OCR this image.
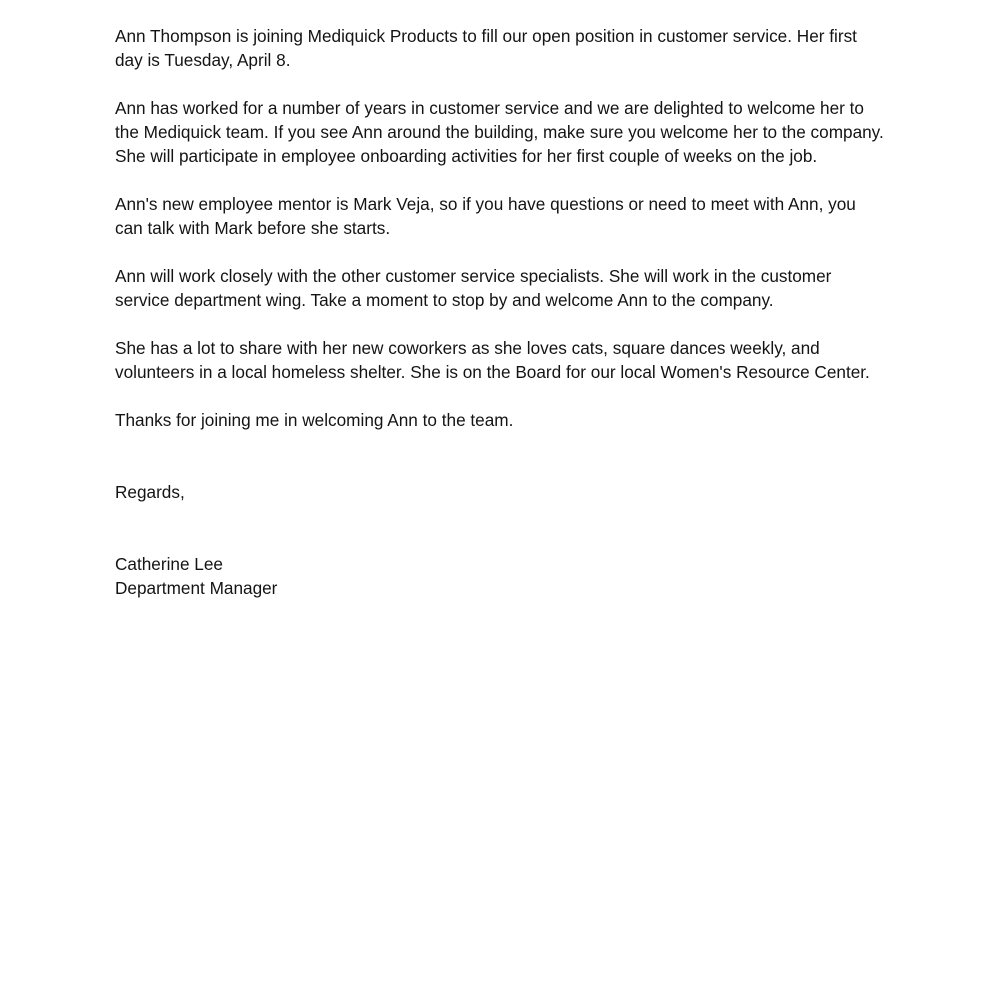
Ann Thompson is joining Mediquick Products to fill our open position in customer service. Her first day is Tuesday, April 8.

Ann has worked for a number of years in customer service and we are delighted to welcome her to the Mediquick team. If you see Ann around the building, make sure you welcome her to the company. She will participate in employee onboarding activities for her first couple of weeks on the job.

Ann's new employee mentor is Mark Veja, so if you have questions or need to meet with Ann, you can talk with Mark before she starts.

Ann will work closely with the other customer service specialists. She will work in the customer service department wing. Take a moment to stop by and welcome Ann to the company.

She has a lot to share with her new coworkers as she loves cats, square dances weekly, and volunteers in a local homeless shelter. She is on the Board for our local Women's Resource Center.

Thanks for joining me in welcoming Ann to the team.

Regards,

Catherine Lee
Department Manager
